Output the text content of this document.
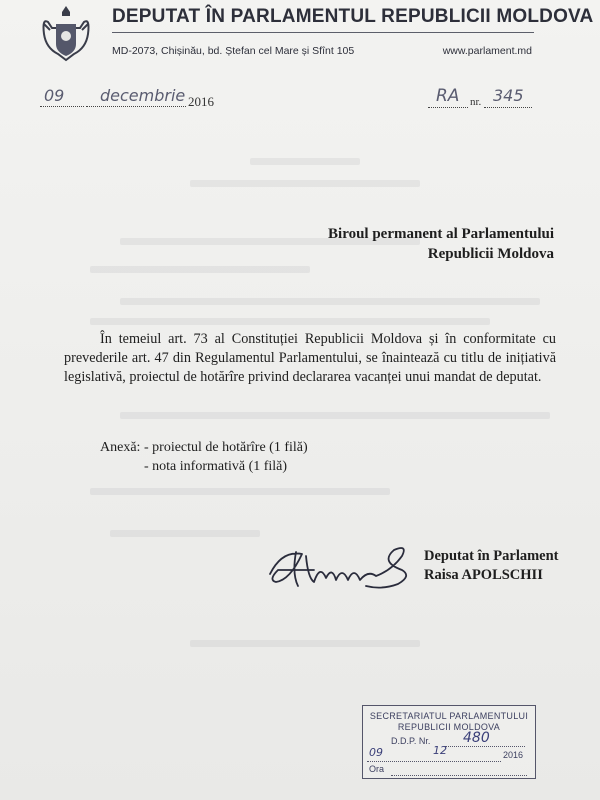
DEPUTAT ÎN PARLAMENTUL REPUBLICII MOLDOVA
MD-2073, Chișinău, bd. Ștefan cel Mare și Sfînt 105	www.parlament.md
09 decembrie 2016	RA nr. 345
Biroul permanent al Parlamentului
Republicii Moldova

În temeiul art. 73 al Constituției Republicii Moldova și în conformitate cu prevederile art. 47 din Regulamentul Parlamentului, se înaintează cu titlu de inițiativă legislativă, proiectul de hotărîre privind declararea vacanței unui mandat de deputat.

Anexă: - proiectul de hotărîre (1 filă)
- nota informativă (1 filă)
Deputat în Parlament
Raisa APOLSCHII
SECRETARIATUL PARLAMENTULUI
REPUBLICII MOLDOVA
D.D.P. Nr. 480
09	12	2016
Ora
